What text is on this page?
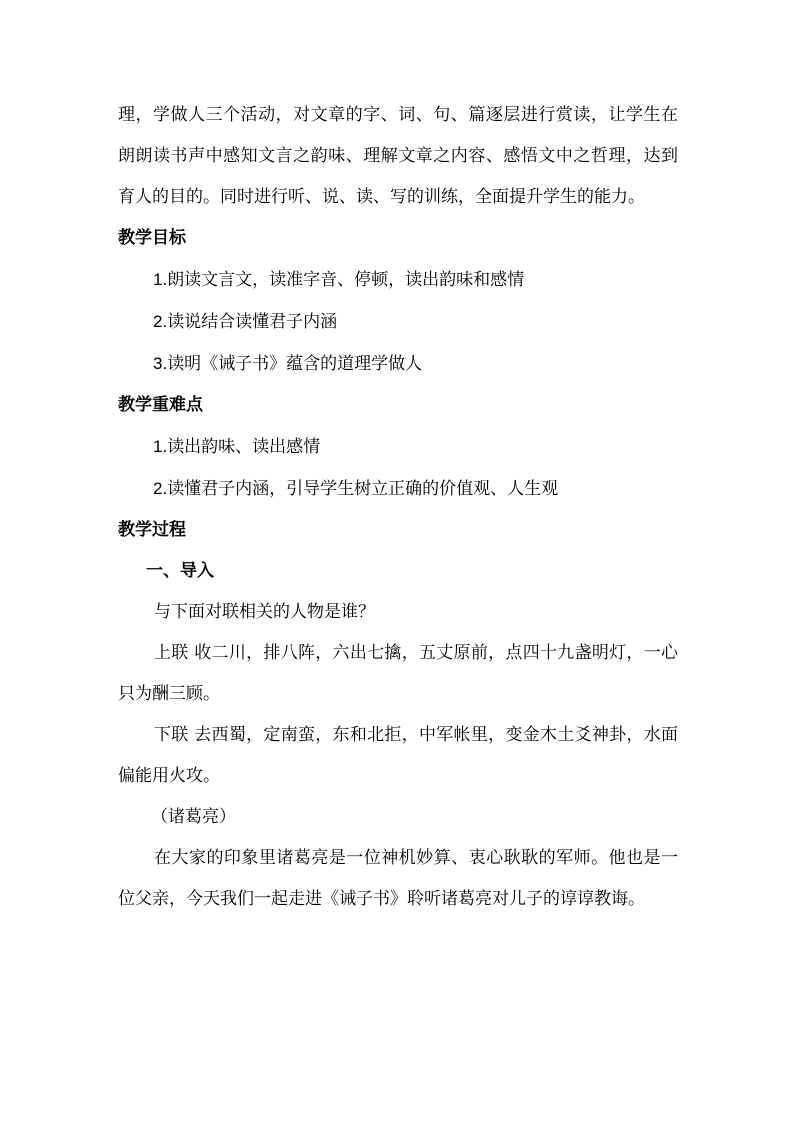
理，学做人三个活动，对文章的字、词、句、篇逐层进行赏读，让学生在朗朗读书声中感知文言之韵味、理解文章之内容、感悟文中之哲理，达到育人的目的。同时进行听、说、读、写的训练，全面提升学生的能力。

教学目标

1.朗读文言文，读准字音、停顿，读出韵味和感情

2.读说结合读懂君子内涵

3.读明《诫子书》蕴含的道理学做人

教学重难点

1.读出韵味、读出感情

2.读懂君子内涵，引导学生树立正确的价值观、人生观

教学过程

一、导入

与下面对联相关的人物是谁？

上联 收二川，排八阵，六出七擒，五丈原前，点四十九盏明灯，一心只为酬三顾。

下联 去西蜀，定南蛮，东和北拒，中军帐里，变金木土爻神卦，水面偏能用火攻。

（诸葛亮）

在大家的印象里诸葛亮是一位神机妙算、衷心耿耿的军师。他也是一位父亲，今天我们一起走进《诫子书》聆听诸葛亮对儿子的谆谆教诲。
